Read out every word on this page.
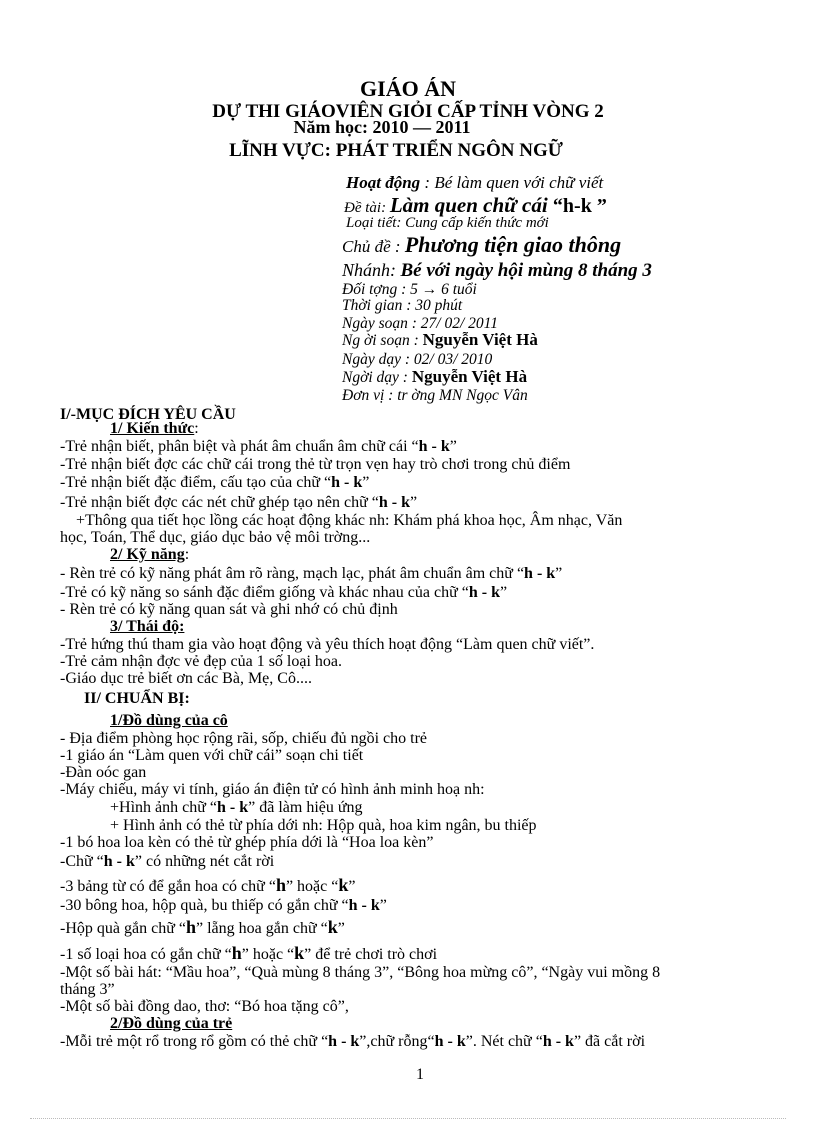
GIÁO ÁN
DỰ THI GIÁOVIÊN GIỎI CẤP TỈNH VÒNG 2
Năm học: 2010 — 2011
LĨNH VỰC: PHÁT TRIỂN NGÔN NGỮ
Hoạt động : Bé làm quen với chữ viết
Đề tài: Làm quen chữ cái “h-k ”
Loại tiết: Cung cấp kiến thức mới
Chủ đề : Phương tiện giao thông
Nhánh: Bé với ngày hội mùng 8 tháng 3
Đối tợng : 5 → 6 tuổi
Thời gian : 30 phút
Ngày soạn : 27/ 02/ 2011
Ng ời soạn : Nguyễn Việt Hà
Ngày dạy : 02/ 03/ 2010
Ngời dạy : Nguyễn Việt Hà
Đơn vị : tr ờng MN Ngọc Vân
I/-MỤC ĐÍCH YÊU CẦU
1/ Kiến thức:
-Trẻ nhận biết, phân biệt và phát âm chuẩn âm chữ cái “h - k”
-Trẻ nhận biết đợc các chữ cái trong thẻ từ trọn vẹn hay trò chơi trong chủ điểm
-Trẻ nhận biết đặc điểm, cấu tạo của chữ “h - k”
-Trẻ nhận biết đợc các nét chữ ghép tạo nên chữ “h - k”
+Thông qua tiết học lồng các hoạt động khác nh: Khám phá khoa học, Âm nhạc, Văn
học, Toán, Thể dục, giáo dục bảo vệ môi trờng...
2/ Kỹ năng:
- Rèn trẻ có kỹ năng phát âm rõ ràng, mạch lạc, phát âm chuẩn âm chữ “h - k”
-Trẻ có kỹ năng so sánh đặc điểm giống và khác nhau của chữ “h - k”
- Rèn trẻ có kỹ năng quan sát và ghi nhớ có chủ định
3/ Thái độ:
-Trẻ hứng thú tham gia vào hoạt động và yêu thích hoạt động “Làm quen chữ viết”.
-Trẻ cảm nhận đợc vẻ đẹp của 1 số loại hoa.
-Giáo dục trẻ biết ơn các Bà, Mẹ, Cô....
II/ CHUẨN BỊ:
1/Đồ dùng của cô
- Địa điểm phòng học rộng rãi, sốp, chiếu đủ ngồi cho trẻ
-1 giáo án “Làm quen với chữ cái” soạn chi tiết
-Đàn oóc gan
-Máy chiếu, máy vi tính, giáo án điện tử có hình ảnh minh hoạ nh:
+Hình ảnh chữ “h - k” đã làm hiệu ứng
+ Hình ảnh có thẻ từ phía dới nh: Hộp quà, hoa kim ngân, bu thiếp
-1 bó hoa loa kèn có thẻ từ ghép phía dới là “Hoa loa kèn”
-Chữ “h - k” có những nét cắt rời
-3 bảng từ có để gắn hoa có chữ “h” hoặc “k”
-30 bông hoa, hộp quà, bu thiếp có gắn chữ “h - k”
-Hộp quà gắn chữ “h” lẵng hoa gắn chữ “k”
-1 số loại hoa có gắn chữ “h” hoặc “k” để trẻ chơi trò chơi
-Một số bài hát: “Mầu hoa”, “Quà mùng 8 tháng 3”, “Bông hoa mừng cô”, “Ngày vui mồng 8
tháng 3”
-Một số bài đồng dao, thơ: “Bó hoa tặng cô”,
2/Đồ dùng của trẻ
-Mỗi trẻ một rổ trong rổ gồm có thẻ chữ “h - k”,chữ rỗng“h - k”. Nét chữ “h - k” đã cắt rời
1
